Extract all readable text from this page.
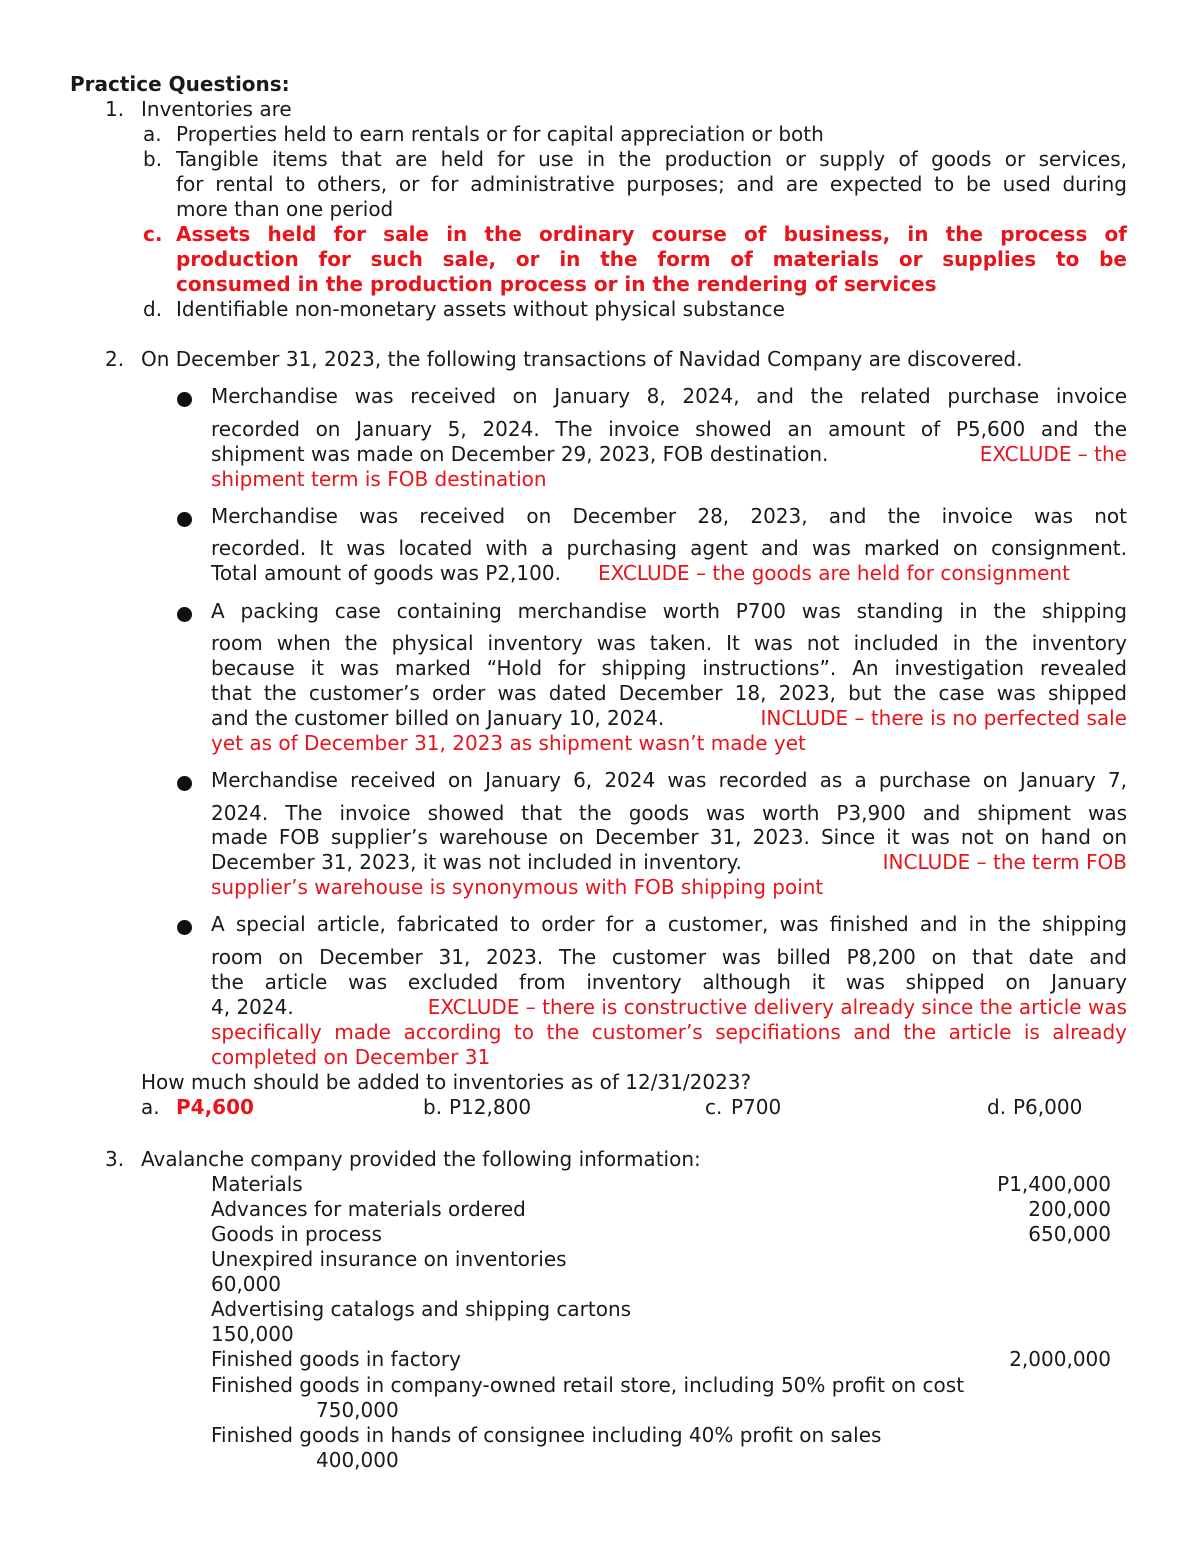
Practice Questions:
1. Inventories are
a. Properties held to earn rentals or for capital appreciation or both
b. Tangible items that are held for use in the production or supply of goods or services,
for rental to others, or for administrative purposes; and are expected to be used during
more than one period
c. Assets held for sale in the ordinary course of business, in the process of
production for such sale, or in the form of materials or supplies to be
consumed in the production process or in the rendering of services
d. Identifiable non-monetary assets without physical substance
2. On December 31, 2023, the following transactions of Navidad Company are discovered.
Merchandise was received on January 8, 2024, and the related purchase invoice
recorded on January 5, 2024. The invoice showed an amount of P5,600 and the
shipment was made on December 29, 2023, FOB destination.	EXCLUDE – the
shipment term is FOB destination
Merchandise was received on December 28, 2023, and the invoice was not
recorded. It was located with a purchasing agent and was marked on consignment.
Total amount of goods was P2,100. EXCLUDE – the goods are held for consignment
A packing case containing merchandise worth P700 was standing in the shipping
room when the physical inventory was taken. It was not included in the inventory
because it was marked “Hold for shipping instructions”. An investigation revealed
that the customer’s order was dated December 18, 2023, but the case was shipped
and the customer billed on January 10, 2024.	INCLUDE – there is no perfected sale
yet as of December 31, 2023 as shipment wasn’t made yet
Merchandise received on January 6, 2024 was recorded as a purchase on January 7,
2024. The invoice showed that the goods was worth P3,900 and shipment was
made FOB supplier’s warehouse on December 31, 2023. Since it was not on hand on
December 31, 2023, it was not included in inventory.	INCLUDE – the term FOB
supplier’s warehouse is synonymous with FOB shipping point
A special article, fabricated to order for a customer, was finished and in the shipping
room on December 31, 2023. The customer was billed P8,200 on that date and
the article was excluded from inventory although it was shipped on January
4, 2024.	EXCLUDE – there is constructive delivery already since the article was
specifically made according to the customer’s sepcifiations and the article is already
completed on December 31
How much should be added to inventories as of 12/31/2023?
a. P4,600	b. P12,800	c. P700	d. P6,000
3. Avalanche company provided the following information:
Materials	P1,400,000
Advances for materials ordered	200,000
Goods in process	650,000
Unexpired insurance on inventories
60,000
Advertising catalogs and shipping cartons
150,000
Finished goods in factory	2,000,000
Finished goods in company-owned retail store, including 50% profit on cost
750,000
Finished goods in hands of consignee including 40% profit on sales
400,000
